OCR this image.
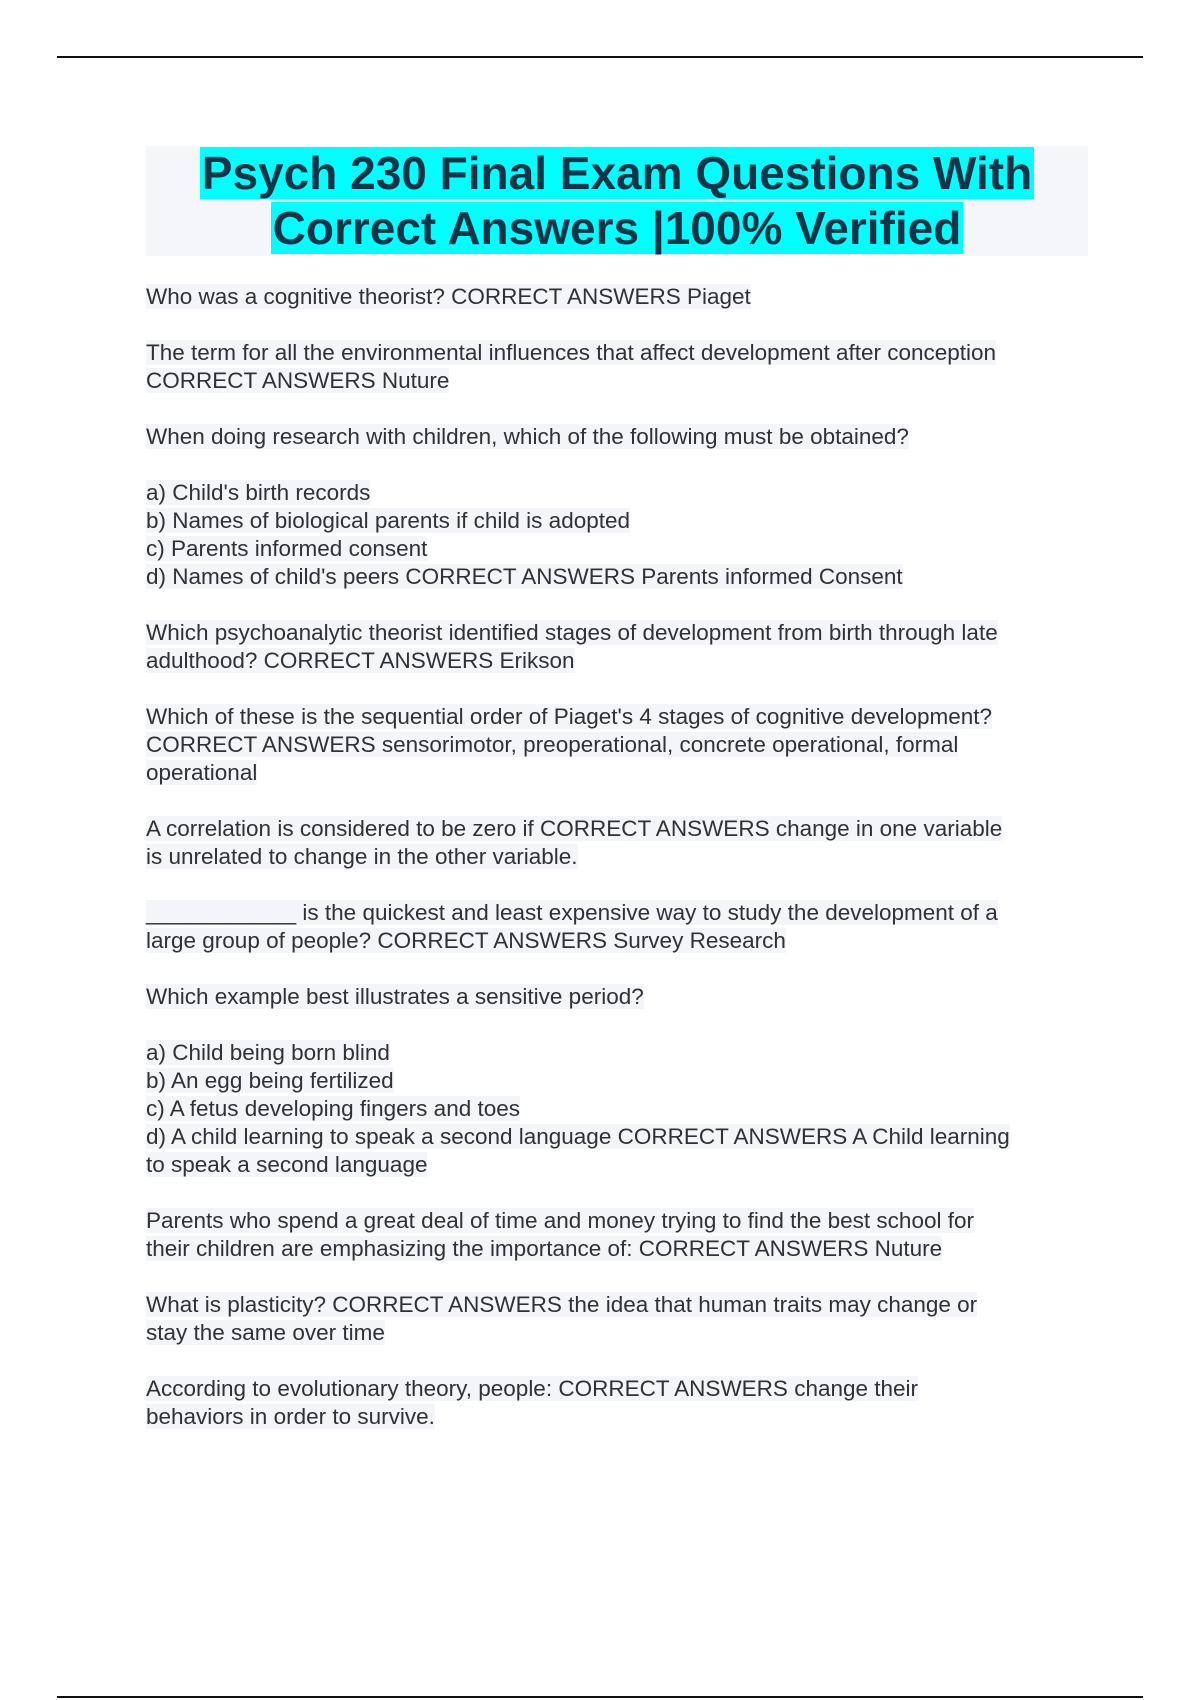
Psych 230 Final Exam Questions With
Correct Answers |100% Verified

Who was a cognitive theorist? CORRECT ANSWERS Piaget

The term for all the environmental influences that affect development after conception
CORRECT ANSWERS Nuture

When doing research with children, which of the following must be obtained?

a) Child's birth records
b) Names of biological parents if child is adopted
c) Parents informed consent
d) Names of child's peers CORRECT ANSWERS Parents informed Consent

Which psychoanalytic theorist identified stages of development from birth through late
adulthood? CORRECT ANSWERS Erikson

Which of these is the sequential order of Piaget's 4 stages of cognitive development?
CORRECT ANSWERS sensorimotor, preoperational, concrete operational, formal
operational

A correlation is considered to be zero if CORRECT ANSWERS change in one variable
is unrelated to change in the other variable.

____________ is the quickest and least expensive way to study the development of a
large group of people? CORRECT ANSWERS Survey Research

Which example best illustrates a sensitive period?

a) Child being born blind
b) An egg being fertilized
c) A fetus developing fingers and toes
d) A child learning to speak a second language CORRECT ANSWERS A Child learning
to speak a second language

Parents who spend a great deal of time and money trying to find the best school for
their children are emphasizing the importance of: CORRECT ANSWERS Nuture

What is plasticity? CORRECT ANSWERS the idea that human traits may change or
stay the same over time

According to evolutionary theory, people: CORRECT ANSWERS change their
behaviors in order to survive.
